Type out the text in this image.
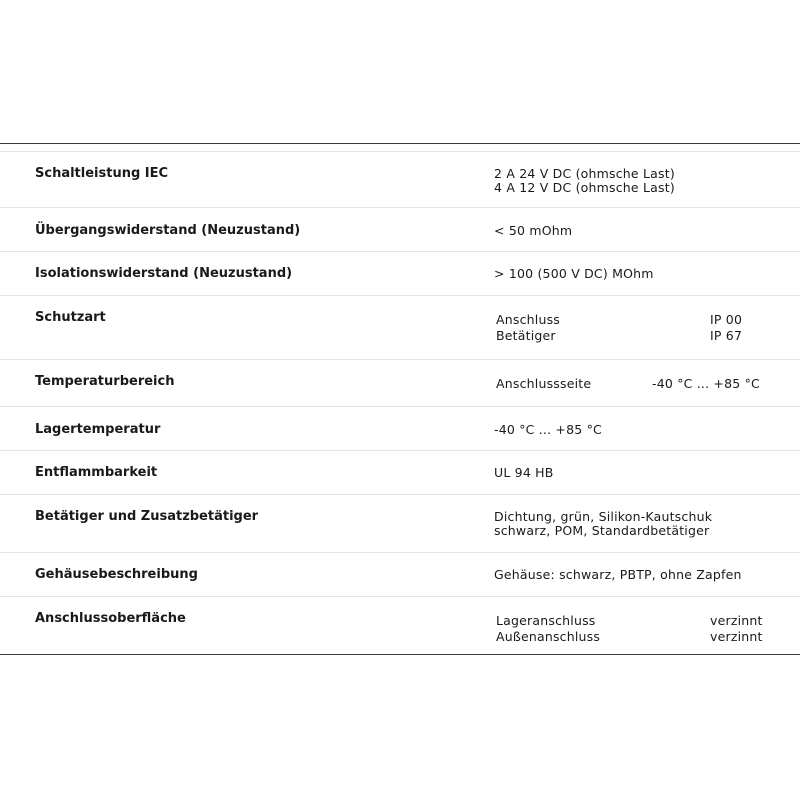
Schaltleistung IEC	2 A 24 V DC (ohmsche Last)
4 A 12 V DC (ohmsche Last)
Übergangswiderstand (Neuzustand)	< 50 mOhm
Isolationswiderstand (Neuzustand)	> 100 (500 V DC) MOhm
Schutzart	Anschluss	IP 00
Betätiger	IP 67
Temperaturbereich	Anschlussseite	-40 °C ... +85 °C
Lagertemperatur	-40 °C ... +85 °C
Entflammbarkeit	UL 94 HB
Betätiger und Zusatzbetätiger	Dichtung, grün, Silikon-Kautschuk
schwarz, POM, Standardbetätiger
Gehäusebeschreibung	Gehäuse: schwarz, PBTP, ohne Zapfen
Anschlussoberfläche	Lageranschluss	verzinnt
Außenanschluss	verzinnt
